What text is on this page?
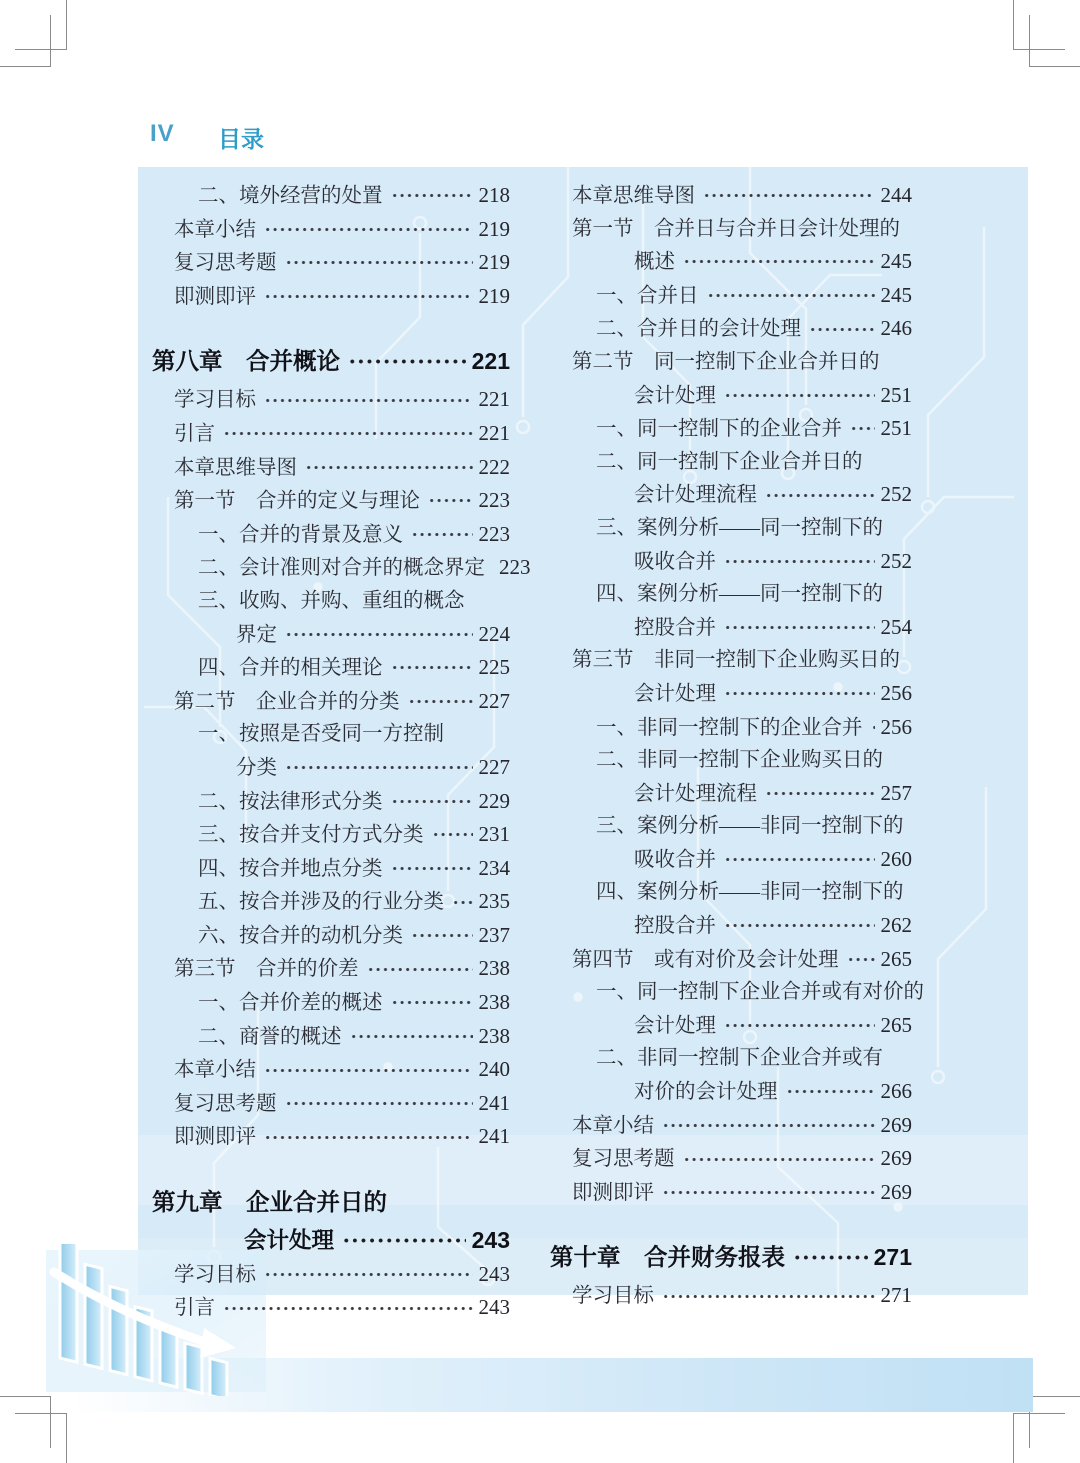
IV 目录
二、境外经营的处置	218
本章小结	219
复习思考题	219
即测即评	219
第八章　合并概论	221
学习目标	221
引言	221
本章思维导图	222
第一节　合并的定义与理论	223
一、合并的背景及意义	223
二、会计准则对合并的概念界定 223
三、收购、并购、重组的概念
界定	224
四、合并的相关理论	225
第二节　企业合并的分类	227
一、按照是否受同一方控制
分类	227
二、按法律形式分类	229
三、按合并支付方式分类	231
四、按合并地点分类	234
五、按合并涉及的行业分类 235
六、按合并的动机分类	237
第三节　合并的价差	238
一、合并价差的概述	238
二、商誉的概述	238
本章小结	240
复习思考题	241
即测即评	241
第九章　企业合并日的
会计处理	243
学习目标	243
引言	243
本章思维导图	244
第一节　合并日与合并日会计处理的
概述	245
一、合并日	245
二、合并日的会计处理	246
第二节　同一控制下企业合并日的
会计处理	251
一、同一控制下的企业合并 251
二、同一控制下企业合并日的
会计处理流程	252
三、案例分析——同一控制下的
吸收合并	252
四、案例分析——同一控制下的
控股合并	254
第三节　非同一控制下企业购买日的
会计处理	256
一、非同一控制下的企业合并 256
二、非同一控制下企业购买日的
会计处理流程	257
三、案例分析——非同一控制下的
吸收合并	260
四、案例分析——非同一控制下的
控股合并	262
第四节　或有对价及会计处理 265
一、同一控制下企业合并或有对价的
会计处理	265
二、非同一控制下企业合并或有
对价的会计处理	266
本章小结	269
复习思考题	269
即测即评	269
第十章　合并财务报表	271
学习目标	271
